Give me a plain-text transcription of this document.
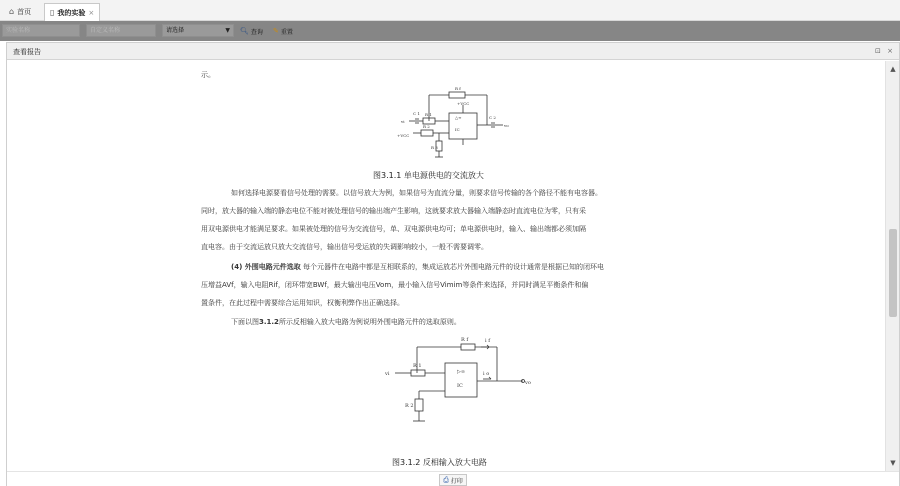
⌂ 首页 ▯ 我的实验 ×
实验名称	自定义名称	请选择	▼ 🔍︎ 查询 ✎ 重置
查看报告	⊡ ×
示。
R f
+VCC
C 1 R 1
vi
R 2
+VCC
IC
C 2
vo
R 3
△∞
图3.1.1 单电源供电的交流放大
如何选择电源要看信号处理的需要。以信号放大为例，如果信号为直流分量，则要求信号传输的各个路径不能有电容器。
同时，放大器的输入端的静态电位不能对被处理信号的输出端产生影响，这就要求放大器输入端静态时直流电位为零，只有采
用双电源供电才能满足要求。如果被处理的信号为交流信号，单、双电源供电均可；单电源供电时，输入、输出端都必须加隔
直电容。由于交流运放只放大交流信号，输出信号受运放的失调影响较小，一般不需要调零。
(4) 外围电路元件选取 每个元器件在电路中都是互相联系的，集成运放芯片外围电路元件的设计通常是根据已知的闭环电
压增益AVf，输入电阻Rif，闭环带宽BWf，最大输出电压Vom，最小输入信号Vimim等条件来选择，并同时满足平衡条件和偏
置条件，在此过程中需要综合运用知识，权衡利弊作出正确选择。
下面以图3.1.2所示反相输入放大电路为例说明外围电路元件的选取原则。
R f	i f
vi
R 1
▷∞
IC
i o
vo
R 2
图3.1.2 反相输入放大电路
▲
▼
⎙ 打印
